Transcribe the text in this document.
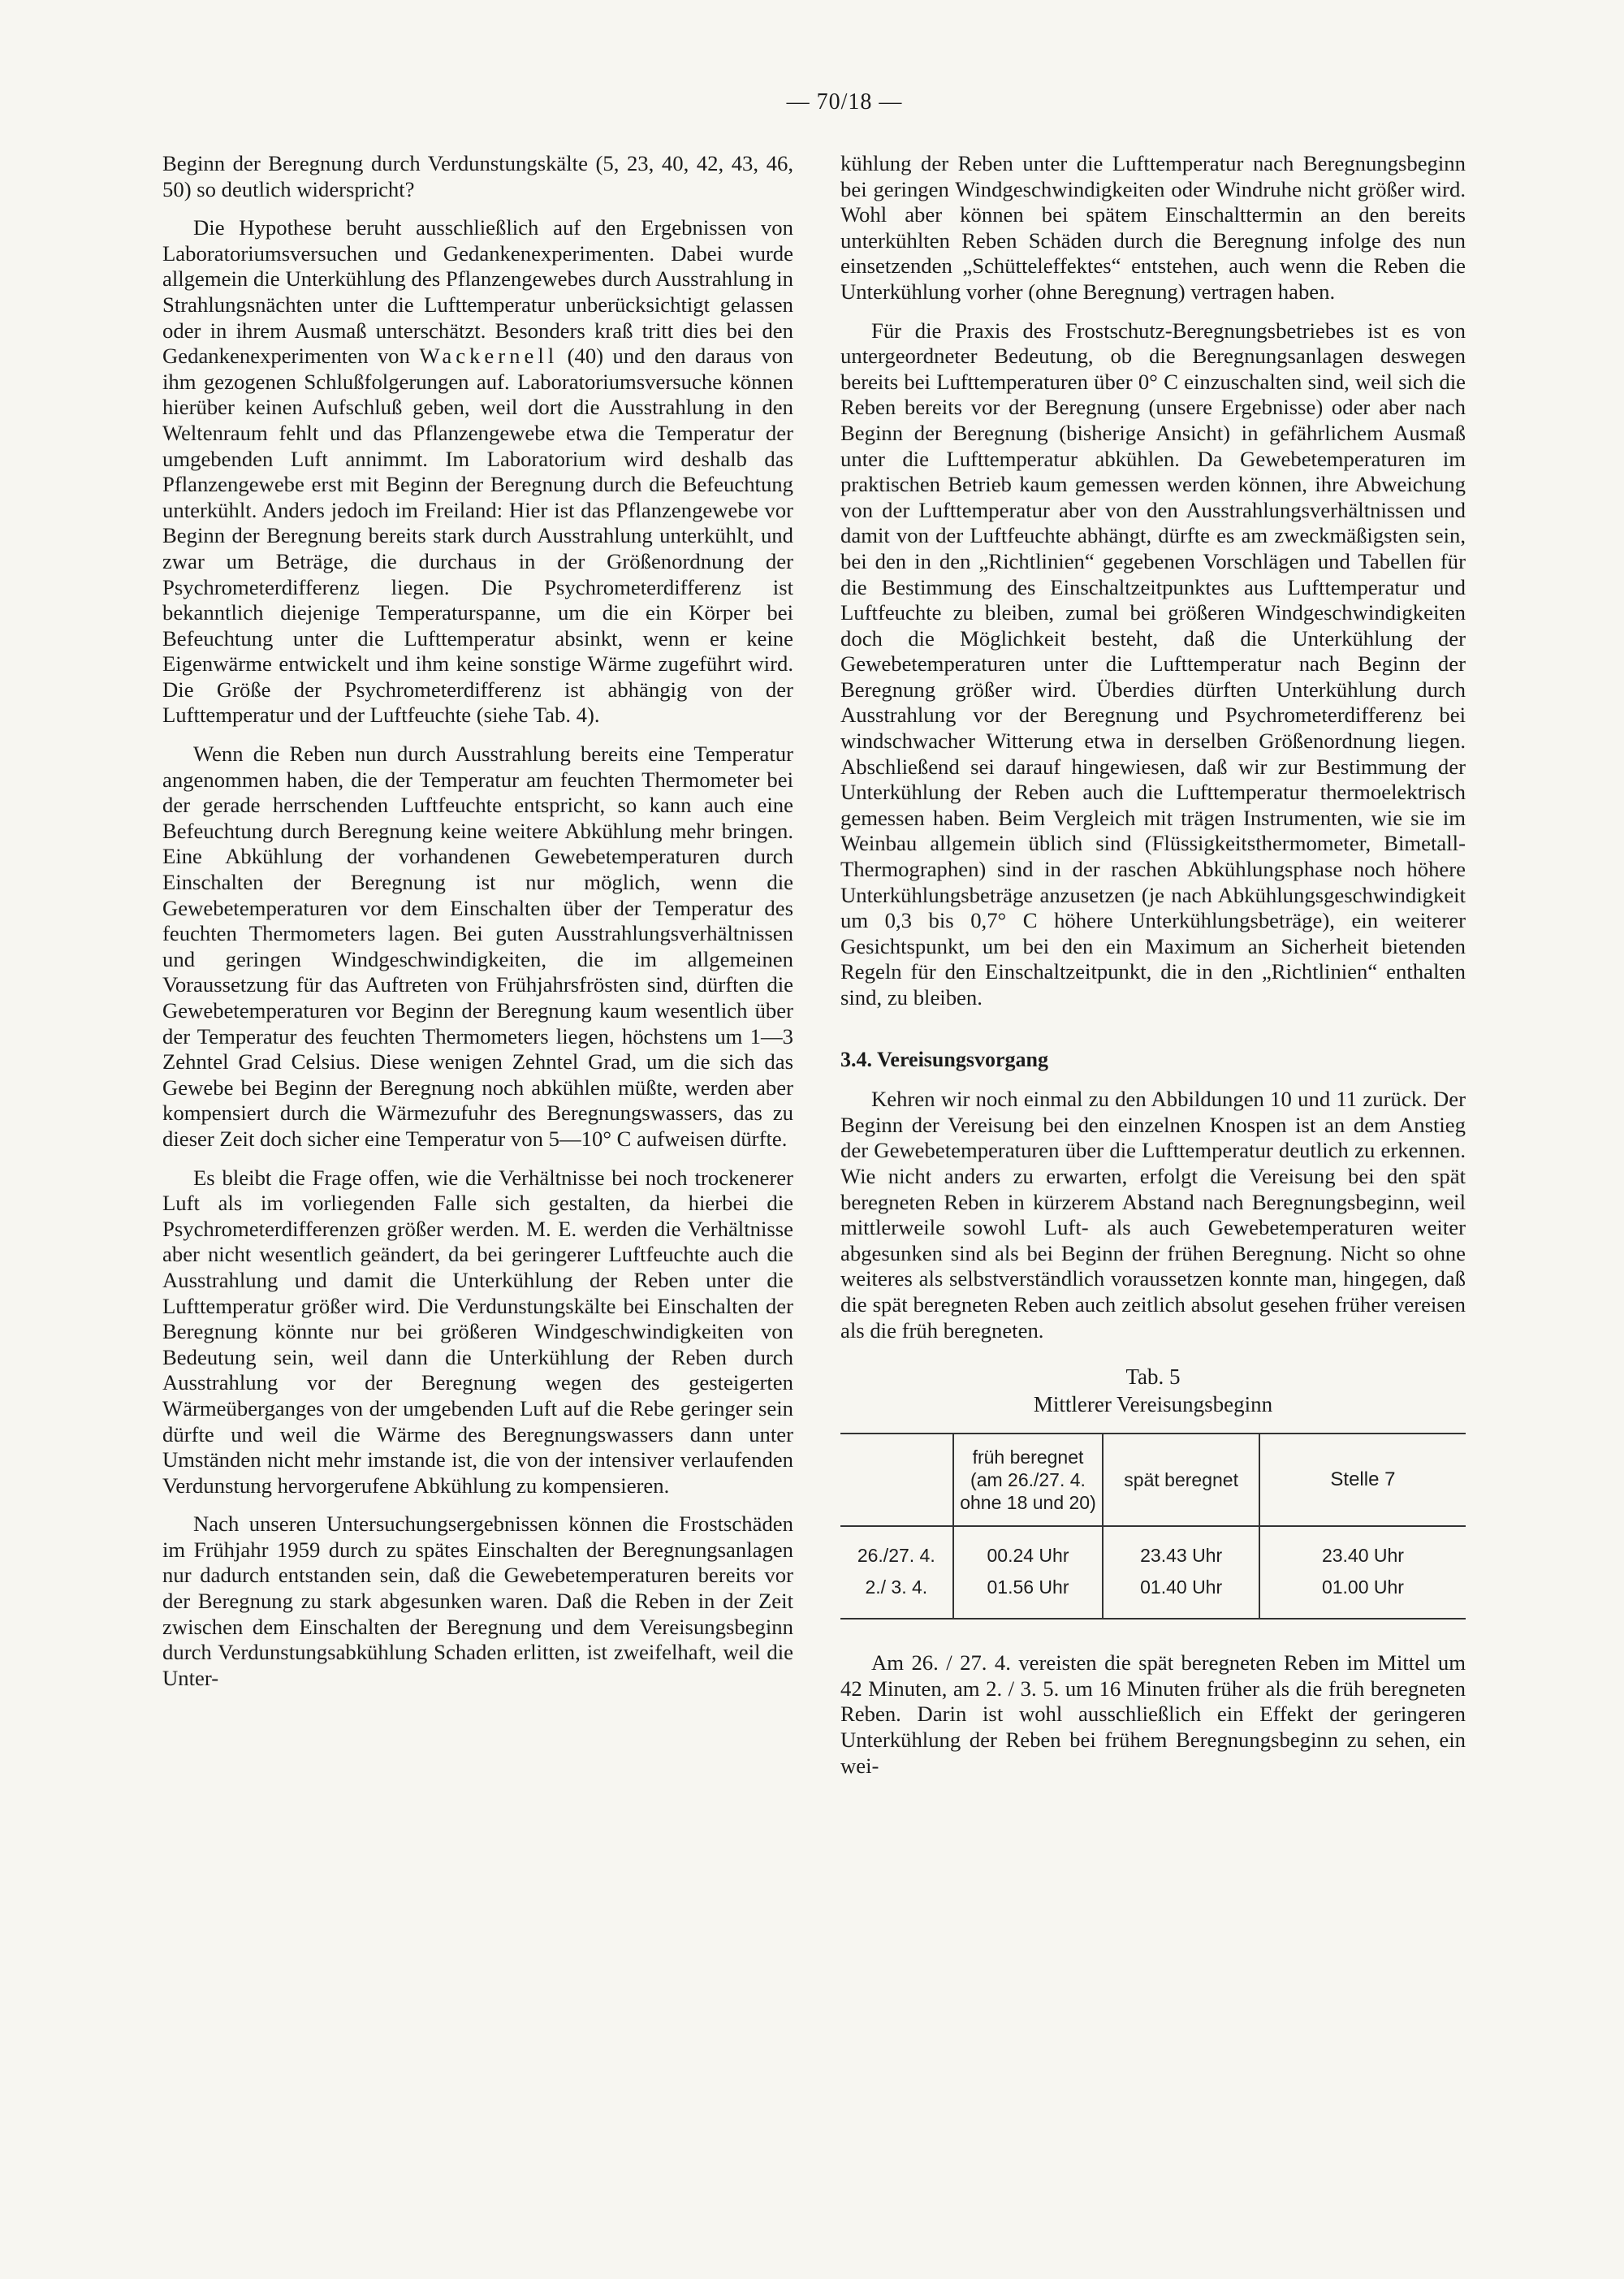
— 70/18 —

Beginn der Beregnung durch Verdunstungskälte (5, 23, 40, 42, 43, 46, 50) so deutlich widerspricht?

Die Hypothese beruht ausschließlich auf den Ergebnissen von Laboratoriumsversuchen und Gedankenexperimenten. Dabei wurde allgemein die Unterkühlung des Pflanzengewebes durch Ausstrahlung in Strahlungsnächten unter die Lufttemperatur unberücksichtigt gelassen oder in ihrem Ausmaß unterschätzt. Besonders kraß tritt dies bei den Gedankenexperimenten von Wackernell (40) und den daraus von ihm gezogenen Schlußfolgerungen auf. Laboratoriumsversuche können hierüber keinen Aufschluß geben, weil dort die Ausstrahlung in den Weltenraum fehlt und das Pflanzengewebe etwa die Temperatur der umgebenden Luft annimmt. Im Laboratorium wird deshalb das Pflanzengewebe erst mit Beginn der Beregnung durch die Befeuchtung unterkühlt. Anders jedoch im Freiland: Hier ist das Pflanzengewebe vor Beginn der Beregnung bereits stark durch Ausstrahlung unterkühlt, und zwar um Beträge, die durchaus in der Größenordnung der Psychrometerdifferenz liegen. Die Psychrometerdifferenz ist bekanntlich diejenige Temperaturspanne, um die ein Körper bei Befeuchtung unter die Lufttemperatur absinkt, wenn er keine Eigenwärme entwickelt und ihm keine sonstige Wärme zugeführt wird. Die Größe der Psychrometerdifferenz ist abhängig von der Lufttemperatur und der Luftfeuchte (siehe Tab. 4).

Wenn die Reben nun durch Ausstrahlung bereits eine Temperatur angenommen haben, die der Temperatur am feuchten Thermometer bei der gerade herrschenden Luftfeuchte entspricht, so kann auch eine Befeuchtung durch Beregnung keine weitere Abkühlung mehr bringen. Eine Abkühlung der vorhandenen Gewebetemperaturen durch Einschalten der Beregnung ist nur möglich, wenn die Gewebetemperaturen vor dem Einschalten über der Temperatur des feuchten Thermometers lagen. Bei guten Ausstrahlungsverhältnissen und geringen Windgeschwindigkeiten, die im allgemeinen Voraussetzung für das Auftreten von Frühjahrsfrösten sind, dürften die Gewebetemperaturen vor Beginn der Beregnung kaum wesentlich über der Temperatur des feuchten Thermometers liegen, höchstens um 1—3 Zehntel Grad Celsius. Diese wenigen Zehntel Grad, um die sich das Gewebe bei Beginn der Beregnung noch abkühlen müßte, werden aber kompensiert durch die Wärmezufuhr des Beregnungswassers, das zu dieser Zeit doch sicher eine Temperatur von 5—10° C aufweisen dürfte.

Es bleibt die Frage offen, wie die Verhältnisse bei noch trockenerer Luft als im vorliegenden Falle sich gestalten, da hierbei die Psychrometerdifferenzen größer werden. M. E. werden die Verhältnisse aber nicht wesentlich geändert, da bei geringerer Luftfeuchte auch die Ausstrahlung und damit die Unterkühlung der Reben unter die Lufttemperatur größer wird. Die Verdunstungskälte bei Einschalten der Beregnung könnte nur bei größeren Windgeschwindigkeiten von Bedeutung sein, weil dann die Unterkühlung der Reben durch Ausstrahlung vor der Beregnung wegen des gesteigerten Wärmeüberganges von der umgebenden Luft auf die Rebe geringer sein dürfte und weil die Wärme des Beregnungswassers dann unter Umständen nicht mehr imstande ist, die von der intensiver verlaufenden Verdunstung hervorgerufene Abkühlung zu kompensieren.

Nach unseren Untersuchungsergebnissen können die Frostschäden im Frühjahr 1959 durch zu spätes Einschalten der Beregnungsanlagen nur dadurch entstanden sein, daß die Gewebetemperaturen bereits vor der Beregnung zu stark abgesunken waren. Daß die Reben in der Zeit zwischen dem Einschalten der Beregnung und dem Vereisungsbeginn durch Verdunstungsabkühlung Schaden erlitten, ist zweifelhaft, weil die Unter-

kühlung der Reben unter die Lufttemperatur nach Beregnungsbeginn bei geringen Windgeschwindigkeiten oder Windruhe nicht größer wird. Wohl aber können bei spätem Einschalttermin an den bereits unterkühlten Reben Schäden durch die Beregnung infolge des nun einsetzenden „Schütteleffektes“ entstehen, auch wenn die Reben die Unterkühlung vorher (ohne Beregnung) vertragen haben.

Für die Praxis des Frostschutz-Beregnungsbetriebes ist es von untergeordneter Bedeutung, ob die Beregnungsanlagen deswegen bereits bei Lufttemperaturen über 0° C einzuschalten sind, weil sich die Reben bereits vor der Beregnung (unsere Ergebnisse) oder aber nach Beginn der Beregnung (bisherige Ansicht) in gefährlichem Ausmaß unter die Lufttemperatur abkühlen. Da Gewebetemperaturen im praktischen Betrieb kaum gemessen werden können, ihre Abweichung von der Lufttemperatur aber von den Ausstrahlungsverhältnissen und damit von der Luftfeuchte abhängt, dürfte es am zweckmäßigsten sein, bei den in den „Richtlinien“ gegebenen Vorschlägen und Tabellen für die Bestimmung des Einschaltzeitpunktes aus Lufttemperatur und Luftfeuchte zu bleiben, zumal bei größeren Windgeschwindigkeiten doch die Möglichkeit besteht, daß die Unterkühlung der Gewebetemperaturen unter die Lufttemperatur nach Beginn der Beregnung größer wird. Überdies dürften Unterkühlung durch Ausstrahlung vor der Beregnung und Psychrometerdifferenz bei windschwacher Witterung etwa in derselben Größenordnung liegen. Abschließend sei darauf hingewiesen, daß wir zur Bestimmung der Unterkühlung der Reben auch die Lufttemperatur thermoelektrisch gemessen haben. Beim Vergleich mit trägen Instrumenten, wie sie im Weinbau allgemein üblich sind (Flüssigkeitsthermometer, Bimetall-Thermographen) sind in der raschen Abkühlungsphase noch höhere Unterkühlungsbeträge anzusetzen (je nach Abkühlungsgeschwindigkeit um 0,3 bis 0,7° C höhere Unterkühlungsbeträge), ein weiterer Gesichtspunkt, um bei den ein Maximum an Sicherheit bietenden Regeln für den Einschaltzeitpunkt, die in den „Richtlinien“ enthalten sind, zu bleiben.

3.4. Vereisungsvorgang

Kehren wir noch einmal zu den Abbildungen 10 und 11 zurück. Der Beginn der Vereisung bei den einzelnen Knospen ist an dem Anstieg der Gewebetemperaturen über die Lufttemperatur deutlich zu erkennen. Wie nicht anders zu erwarten, erfolgt die Vereisung bei den spät beregneten Reben in kürzerem Abstand nach Beregnungsbeginn, weil mittlerweile sowohl Luft- als auch Gewebetemperaturen weiter abgesunken sind als bei Beginn der frühen Beregnung. Nicht so ohne weiteres als selbstverständlich voraussetzen konnte man, hingegen, daß die spät beregneten Reben auch zeitlich absolut gesehen früher vereisen als die früh beregneten.

Tab. 5
Mittlerer Vereisungsbeginn
	früh beregnet
(am 26./27. 4.
ohne 18 und 20)	spät beregnet	Stelle 7
26./27. 4.	00.24 Uhr	23.43 Uhr	23.40 Uhr
2./ 3. 4.	01.56 Uhr	01.40 Uhr	01.00 Uhr

Am 26. / 27. 4. vereisten die spät beregneten Reben im Mittel um 42 Minuten, am 2. / 3. 5. um 16 Minuten früher als die früh beregneten Reben. Darin ist wohl ausschließlich ein Effekt der geringeren Unterkühlung der Reben bei frühem Beregnungsbeginn zu sehen, ein wei-
